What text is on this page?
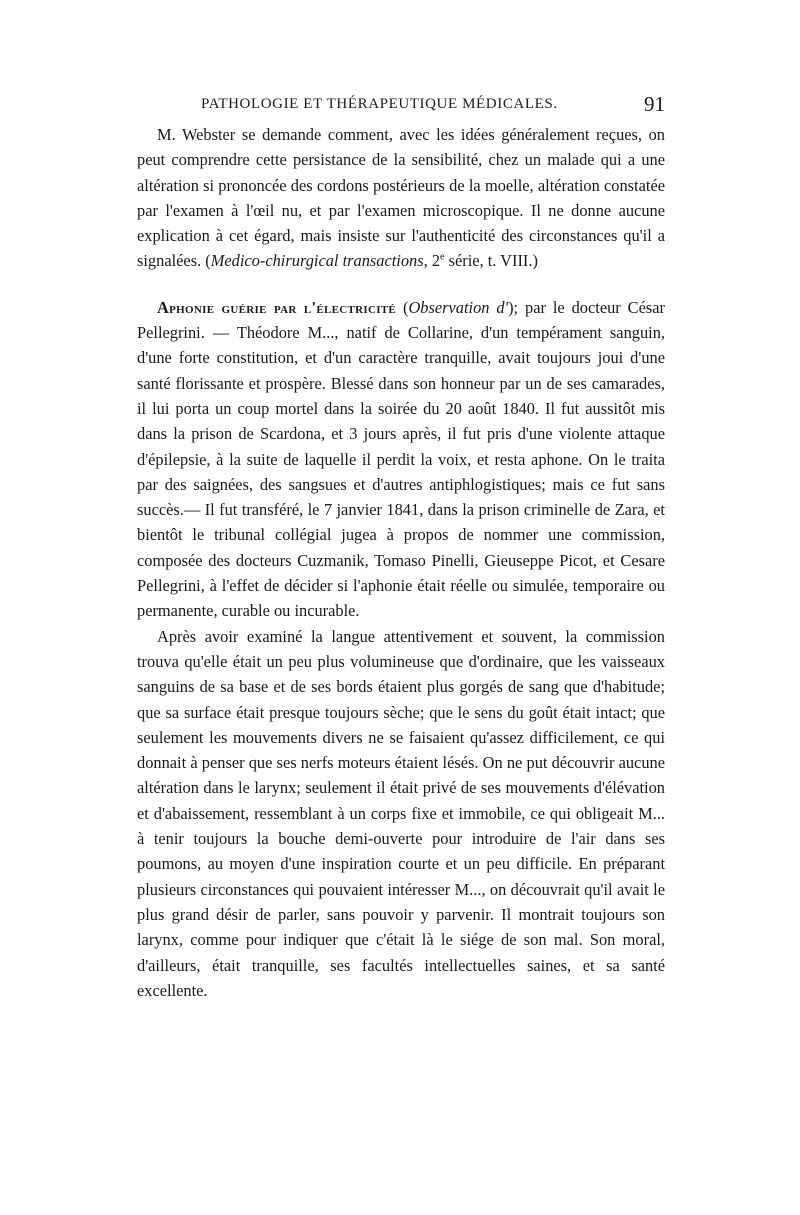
PATHOLOGIE ET THÉRAPEUTIQUE MÉDICALES.	91

M. Webster se demande comment, avec les idées généralement reçues, on peut comprendre cette persistance de la sensibilité, chez un malade qui a une altération si prononcée des cordons postérieurs de la moelle, altération constatée par l'examen à l'œil nu, et par l'examen microscopique. Il ne donne aucune explication à cet égard, mais insiste sur l'authenticité des circonstances qu'il a signalées. (Medico-chirurgical transactions, 2e série, t. VIII.)

Aphonie guérie par l'électricité (Observation d'); par le docteur César Pellegrini. — Théodore M..., natif de Collarine, d'un tempérament sanguin, d'une forte constitution, et d'un caractère tranquille, avait toujours joui d'une santé florissante et prospère. Blessé dans son honneur par un de ses camarades, il lui porta un coup mortel dans la soirée du 20 août 1840. Il fut aussitôt mis dans la prison de Scardona, et 3 jours après, il fut pris d'une violente attaque d'épilepsie, à la suite de laquelle il perdit la voix, et resta aphone. On le traita par des saignées, des sangsues et d'autres antiphlogistiques; mais ce fut sans succès.— Il fut transféré, le 7 janvier 1841, dans la prison criminelle de Zara, et bientôt le tribunal collégial jugea à propos de nommer une commission, composée des docteurs Cuzmanik, Tomaso Pinelli, Gieuseppe Picot, et Cesare Pellegrini, à l'effet de décider si l'aphonie était réelle ou simulée, temporaire ou permanente, curable ou incurable.

Après avoir examiné la langue attentivement et souvent, la commission trouva qu'elle était un peu plus volumineuse que d'ordinaire, que les vaisseaux sanguins de sa base et de ses bords étaient plus gorgés de sang que d'habitude; que sa surface était presque toujours sèche; que le sens du goût était intact; que seulement les mouvements divers ne se faisaient qu'assez difficilement, ce qui donnait à penser que ses nerfs moteurs étaient lésés. On ne put découvrir aucune altération dans le larynx; seulement il était privé de ses mouvements d'élévation et d'abaissement, ressemblant à un corps fixe et immobile, ce qui obligeait M... à tenir toujours la bouche demi-ouverte pour introduire de l'air dans ses poumons, au moyen d'une inspiration courte et un peu difficile. En préparant plusieurs circonstances qui pouvaient intéresser M..., on découvrait qu'il avait le plus grand désir de parler, sans pouvoir y parvenir. Il montrait toujours son larynx, comme pour indiquer que c'était là le siége de son mal. Son moral, d'ailleurs, était tranquille, ses facultés intellectuelles saines, et sa santé excellente.
